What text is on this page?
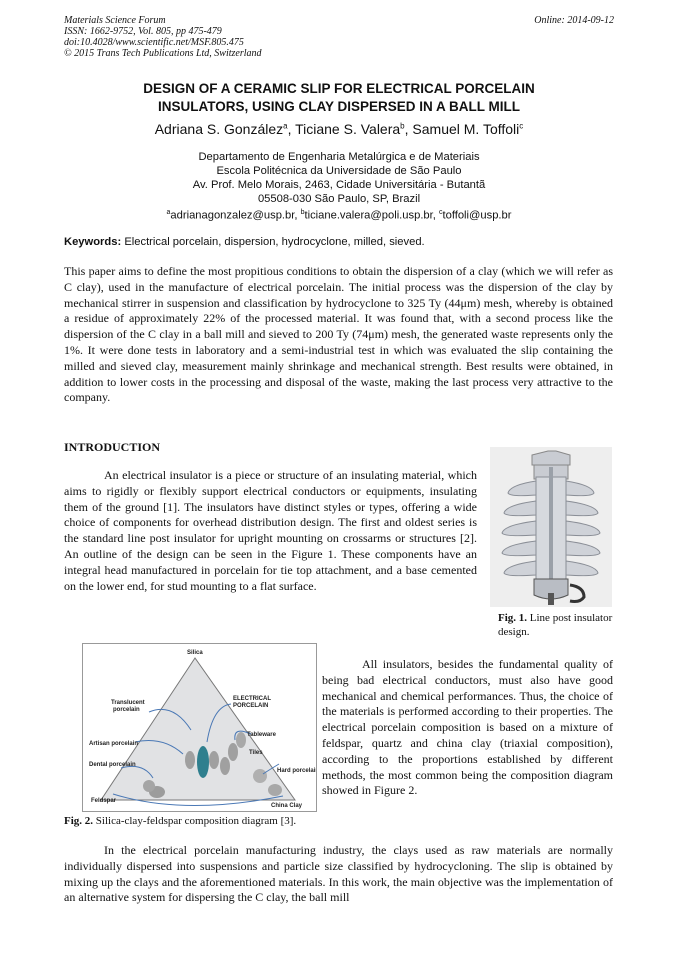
Materials Science Forum
ISSN: 1662-9752, Vol. 805, pp 475-479
doi:10.4028/www.scientific.net/MSF.805.475
© 2015 Trans Tech Publications Ltd, Switzerland
Online: 2014-09-12
DESIGN OF A CERAMIC SLIP FOR ELECTRICAL PORCELAIN
INSULATORS, USING CLAY DISPERSED IN A BALL MILL
Adriana S. González$^a$, Ticiane S. Valera$^b$, Samuel M. Toffoli$^c$
Departamento de Engenharia Metalúrgica e de Materiais
Escola Politécnica da Universidade de São Paulo
Av. Prof. Melo Morais, 2463, Cidade Universitária - Butantã
05508-030 São Paulo, SP, Brazil
$^a$adrianagonzalez@usp.br, $^b$ticiane.valera@poli.usp.br, $^c$toffoli@usp.br
Keywords: Electrical porcelain, dispersion, hydrocyclone, milled, sieved.

This paper aims to define the most propitious conditions to obtain the dispersion of a clay (which we will refer as C clay), used in the manufacture of electrical porcelain. The initial process was the dispersion of the clay by mechanical stirrer in suspension and classification by hydrocyclone to 325 Ty (44μm) mesh, whereby is obtained a residue of approximately 22% of the processed material. It was found that, with a second process like the dispersion of the C clay in a ball mill and sieved to 200 Ty (74μm) mesh, the generated waste represents only the 1%. It were done tests in laboratory and a semi-industrial test in which was evaluated the slip containing the milled and sieved clay, measurement mainly shrinkage and mechanical strength. Best results were obtained, in addition to lower costs in the processing and disposal of the waste, making the last process very attractive to the company.

INTRODUCTION

An electrical insulator is a piece or structure of an insulating material, which aims to rigidly or flexibly support electrical conductors or equipments, insulating them of the ground [1]. The insulators have distinct styles or types, offering a wide choice of components for overhead distribution design. The first and oldest series is the standard line post insulator for upright mounting on crossarms or structures [2]. An outline of the design can be seen in the Figure 1. These components have an integral head manufactured in porcelain for tie top attachment, and a base cemented on the lower end, for stud mounting to a flat surface.

Fig. 1. Line post insulator design.
Silica
Translucent
porcelain
ELECTRICAL
PORCELAIN
Artisan porcelain
Tableware
Dental porcelain
Tiles
Hard porcelain
Feldspar
China Clay

All insulators, besides the fundamental quality of being bad electrical conductors, must also have good mechanical and chemical performances. Thus, the choice of the materials is performed according to their properties. The electrical porcelain composition is based on a mixture of feldspar, quartz and china clay (triaxial composition), according to the proportions established by different methods, the most common being the composition diagram showed in Figure 2.

Fig. 2. Silica-clay-feldspar composition diagram [3].

In the electrical porcelain manufacturing industry, the clays used as raw materials are normally individually dispersed into suspensions and particle size classified by hydrocycloning. The slip is obtained by mixing up the clays and the aforementioned materials. In this work, the main objective was the implementation of an alternative system for dispersing the C clay, the ball mill
